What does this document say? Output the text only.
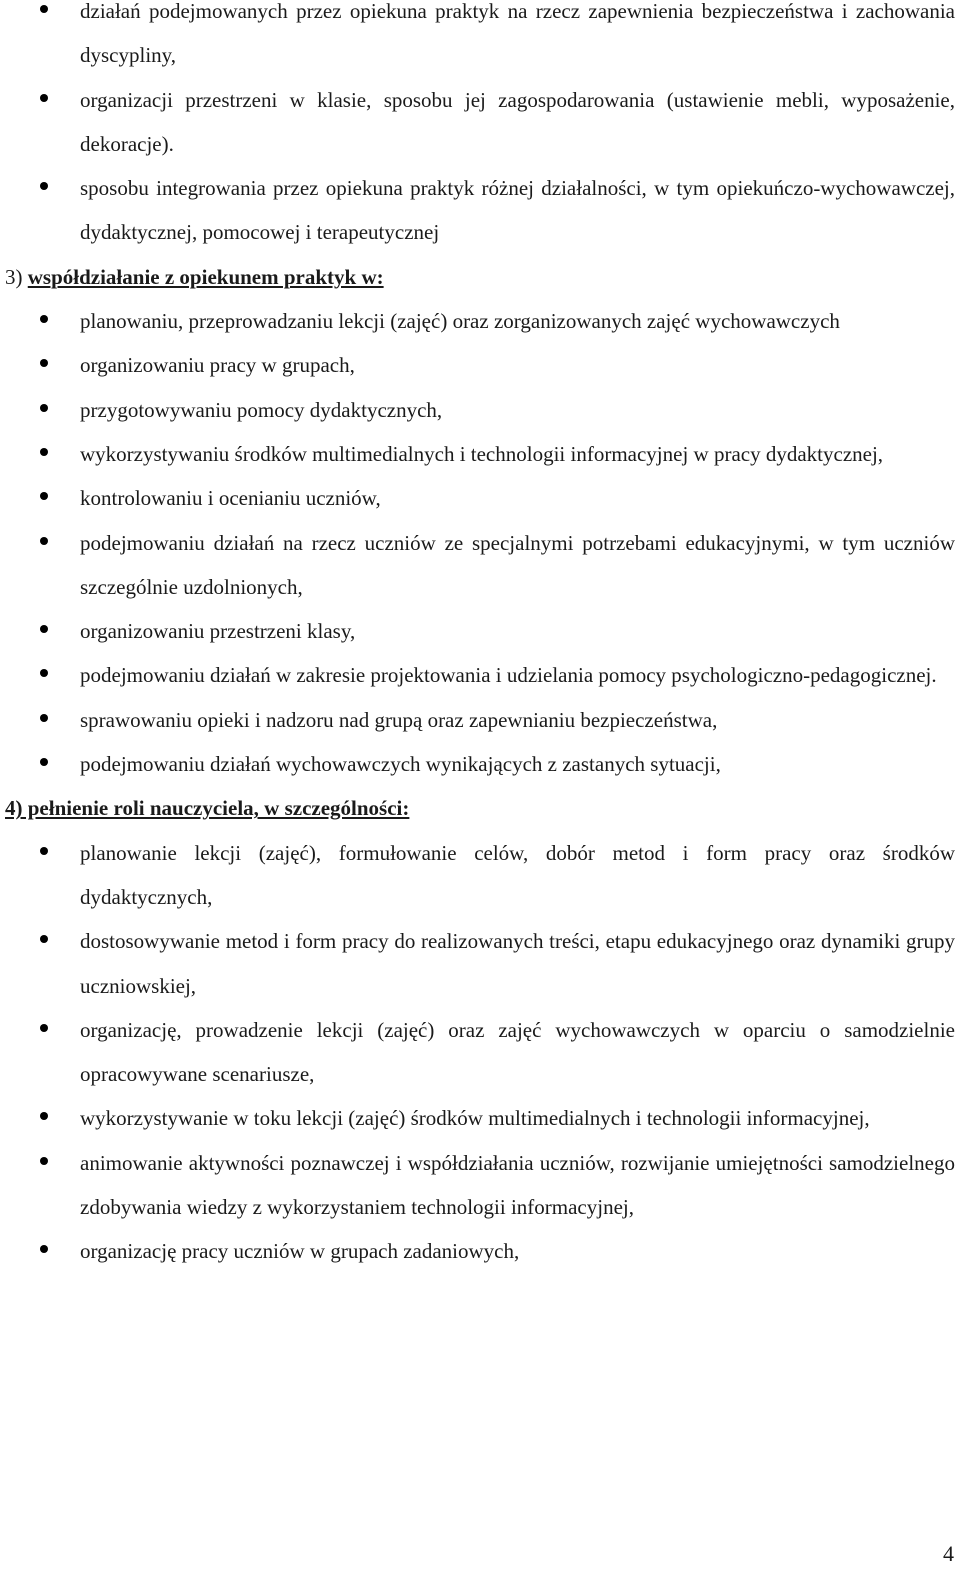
działań podejmowanych przez opiekuna praktyk na rzecz zapewnienia bezpieczeństwa i zachowania dyscypliny,
organizacji przestrzeni w klasie, sposobu jej zagospodarowania (ustawienie mebli, wyposażenie, dekoracje).
sposobu integrowania przez opiekuna praktyk różnej działalności, w tym opiekuńczo-wychowawczej, dydaktycznej, pomocowej i terapeutycznej

3) współdziałanie z opiekunem praktyk w:

planowaniu, przeprowadzaniu lekcji (zajęć) oraz zorganizowanych zajęć wychowawczych
organizowaniu pracy w grupach,
przygotowywaniu pomocy dydaktycznych,
wykorzystywaniu środków multimedialnych i technologii informacyjnej w pracy dydaktycznej,
kontrolowaniu i ocenianiu uczniów,
podejmowaniu działań na rzecz uczniów ze specjalnymi potrzebami edukacyjnymi, w tym uczniów szczególnie uzdolnionych,
organizowaniu przestrzeni klasy,
podejmowaniu działań w zakresie projektowania i udzielania pomocy psychologiczno-pedagogicznej.
sprawowaniu opieki i nadzoru nad grupą oraz zapewnianiu bezpieczeństwa,
podejmowaniu działań wychowawczych wynikających z zastanych sytuacji,

4) pełnienie roli nauczyciela, w szczególności:

planowanie lekcji (zajęć), formułowanie celów, dobór metod i form pracy oraz środków dydaktycznych,
dostosowywanie metod i form pracy do realizowanych treści, etapu edukacyjnego oraz dynamiki grupy uczniowskiej,
organizację, prowadzenie lekcji (zajęć) oraz zajęć wychowawczych w oparciu o samodzielnie opracowywane scenariusze,
wykorzystywanie w toku lekcji (zajęć) środków multimedialnych i technologii informacyjnej,
animowanie aktywności poznawczej i współdziałania uczniów, rozwijanie umiejętności samodzielnego zdobywania wiedzy z wykorzystaniem technologii informacyjnej,
organizację pracy uczniów w grupach zadaniowych,
4
